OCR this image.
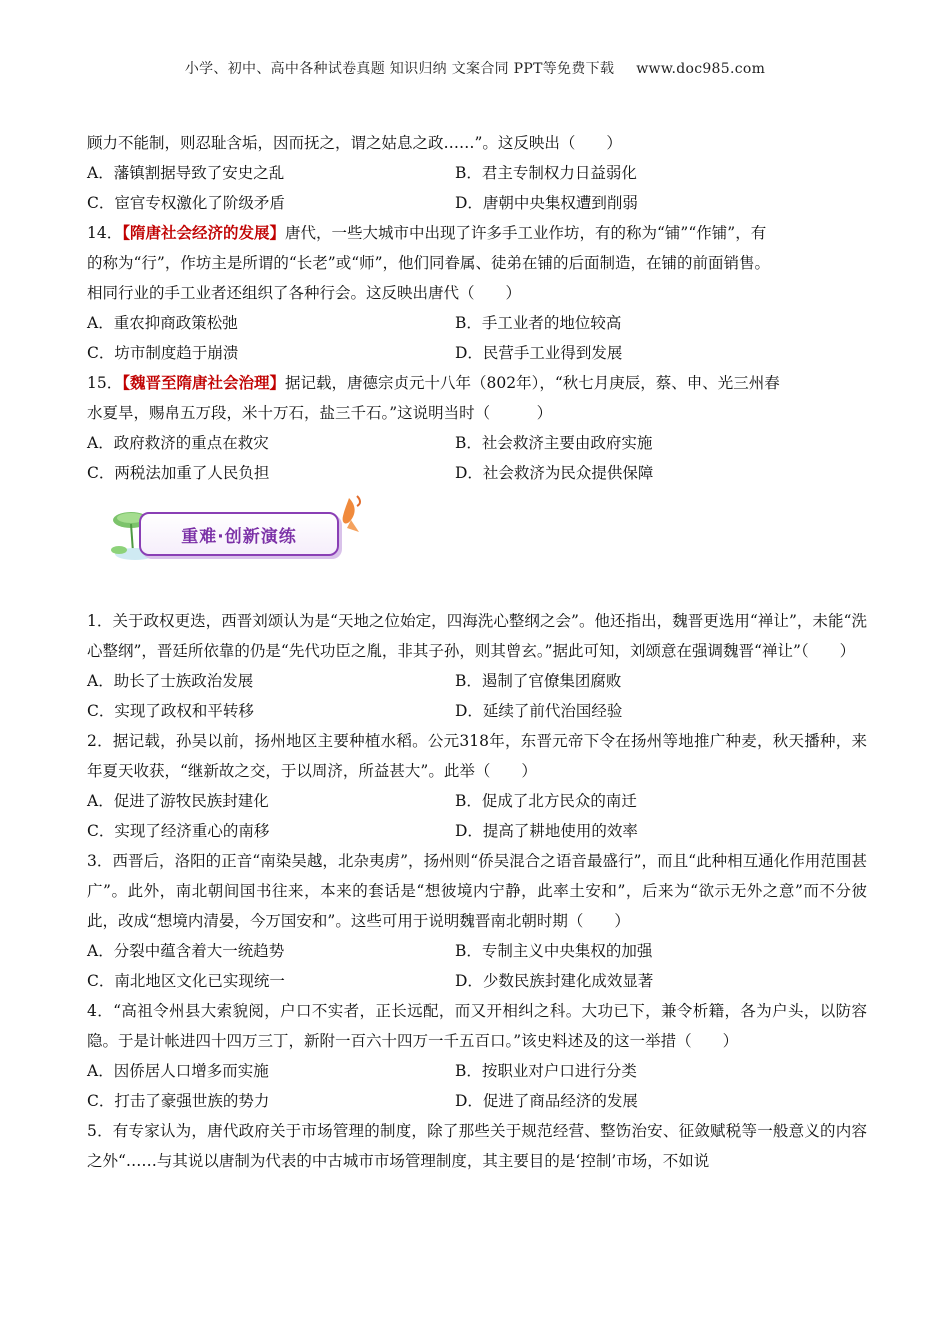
小学、初中、高中各种试卷真题 知识归纳 文案合同 PPT等免费下载 www.doc985.com
顾力不能制，则忍耻含垢，因而抚之，谓之姑息之政……”。这反映出（　　）
A．藩镇割据导致了安史之乱	B．君主专制权力日益弱化
C．宦官专权激化了阶级矛盾	D．唐朝中央集权遭到削弱
14．【隋唐社会经济的发展】唐代，一些大城市中出现了许多手工业作坊，有的称为“铺”“作铺”，有
的称为“行”，作坊主是所谓的“长老”或“师”，他们同眷属、徒弟在铺的后面制造，在铺的前面销售。
相同行业的手工业者还组织了各种行会。这反映出唐代（　　）
A．重农抑商政策松弛	B．手工业者的地位较高
C．坊市制度趋于崩溃	D．民营手工业得到发展
15．【魏晋至隋唐社会治理】据记载，唐德宗贞元十八年（802年），“秋七月庚辰，蔡、申、光三州春
水夏旱，赐帛五万段，米十万石，盐三千石。”这说明当时（　　　）
A．政府救济的重点在救灾	B．社会救济主要由政府实施
C．两税法加重了人民负担	D．社会救济为民众提供保障
重难·创新演练
1．关于政权更迭，西晋刘颂认为是“天地之位始定，四海洗心整纲之会”。他还指出，魏晋更选用“禅让”，未能“洗心整纲”，晋廷所依靠的仍是“先代功臣之胤，非其子孙，则其曾玄。”据此可知，刘颂意在强调魏晋“禅让”（　　）
A．助长了士族政治发展	B．遏制了官僚集团腐败
C．实现了政权和平转移	D．延续了前代治国经验
2．据记载，孙吴以前，扬州地区主要种植水稻。公元318年，东晋元帝下令在扬州等地推广种麦，秋天播种，来年夏天收获，“继新故之交，于以周济，所益甚大”。此举（　　）
A．促进了游牧民族封建化	B．促成了北方民众的南迁
C．实现了经济重心的南移	D．提高了耕地使用的效率
3．西晋后，洛阳的正音“南染吴越，北杂夷虏”，扬州则“侨吴混合之语音最盛行”，而且“此种相互通化作用范围甚广”。此外，南北朝间国书往来，本来的套话是“想彼境内宁静，此率土安和”，后来为“欲示无外之意”而不分彼此，改成“想境内清晏，今万国安和”。这些可用于说明魏晋南北朝时期（　　）
A．分裂中蕴含着大一统趋势	B．专制主义中央集权的加强
C．南北地区文化已实现统一	D．少数民族封建化成效显著
4．“高祖令州县大索貌阅，户口不实者，正长远配，而又开相纠之科。大功已下，兼令析籍，各为户头，以防容隐。于是计帐进四十四万三丁，新附一百六十四万一千五百口。”该史料述及的这一举措（　　）
A．因侨居人口增多而实施	B．按职业对户口进行分类
C．打击了豪强世族的势力	D．促进了商品经济的发展
5．有专家认为，唐代政府关于市场管理的制度，除了那些关于规范经营、整饬治安、征敛赋税等一般意义的内容之外“……与其说以唐制为代表的中古城市市场管理制度，其主要目的是‘控制’市场，不如说
